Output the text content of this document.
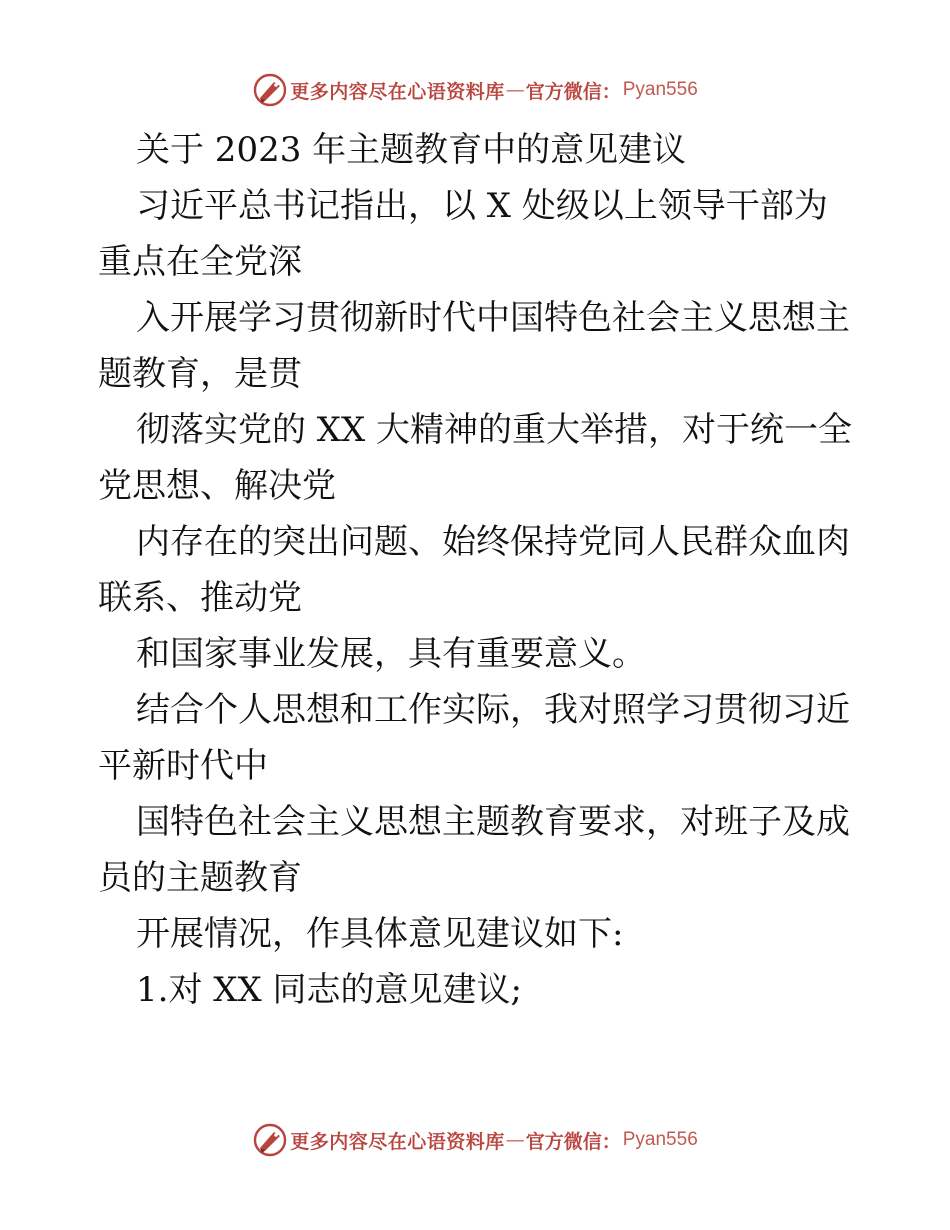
更多内容尽在心语资料库 — 官方微信： Pyan556
关于 2023 年主题教育中的意见建议
习近平总书记指出，以 X 处级以上领导干部为
重点在全党深
入开展学习贯彻新时代中国特色社会主义思想主
题教育，是贯
彻落实党的 XX 大精神的重大举措，对于统一全
党思想、解决党
内存在的突出问题、始终保持党同人民群众血肉
联系、推动党
和国家事业发展，具有重要意义。
结合个人思想和工作实际，我对照学习贯彻习近
平新时代中
国特色社会主义思想主题教育要求，对班子及成
员的主题教育
开展情况，作具体意见建议如下:
1.对 XX 同志的意见建议;
更多内容尽在心语资料库 — 官方微信： Pyan556
